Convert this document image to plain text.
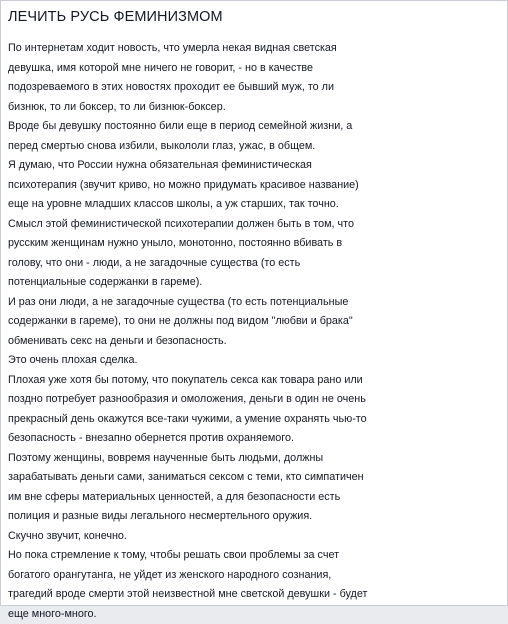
ЛЕЧИТЬ РУСЬ ФЕМИНИЗМОМ

По интернетам ходит новость, что умерла некая видная светская

девушка, имя которой мне ничего не говорит, - но в качестве

подозреваемого в этих новостях проходит ее бывший муж, то ли

бизнюк, то ли боксер, то ли бизнюк-боксер.

Вроде бы девушку постоянно били еще в период семейной жизни, а

перед смертью снова избили, выкололи глаз, ужас, в общем.

Я думаю, что России нужна обязательная феминистическая

психотерапия (звучит криво, но можно придумать красивое название)

еще на уровне младших классов школы, а уж старших, так точно.

Смысл этой феминистической психотерапии должен быть в том, что

русским женщинам нужно уныло, монотонно, постоянно вбивать в

голову, что они - люди, а не загадочные существа (то есть

потенциальные содержанки в гареме).

И раз они люди, а не загадочные существа (то есть потенциальные

содержанки в гареме), то они не должны под видом "любви и брака"

обменивать секс на деньги и безопасность.

Это очень плохая сделка.

Плохая уже хотя бы потому, что покупатель секса как товара рано или

поздно потребует разнообразия и омоложения, деньги в один не очень

прекрасный день окажутся все-таки чужими, а умение охранять чью-то

безопасность - внезапно обернется против охраняемого.

Поэтому женщины, вовремя наученные быть людьми, должны

зарабатывать деньги сами, заниматься сексом с теми, кто симпатичен

им вне сферы материальных ценностей, а для безопасности есть

полиция и разные виды легального несмертельного оружия.

Скучно звучит, конечно.

Но пока стремление к тому, чтобы решать свои проблемы за счет

богатого орангутанга, не уйдет из женского народного сознания,

трагедий вроде смерти этой неизвестной мне светской девушки - будет

еще много-много.
